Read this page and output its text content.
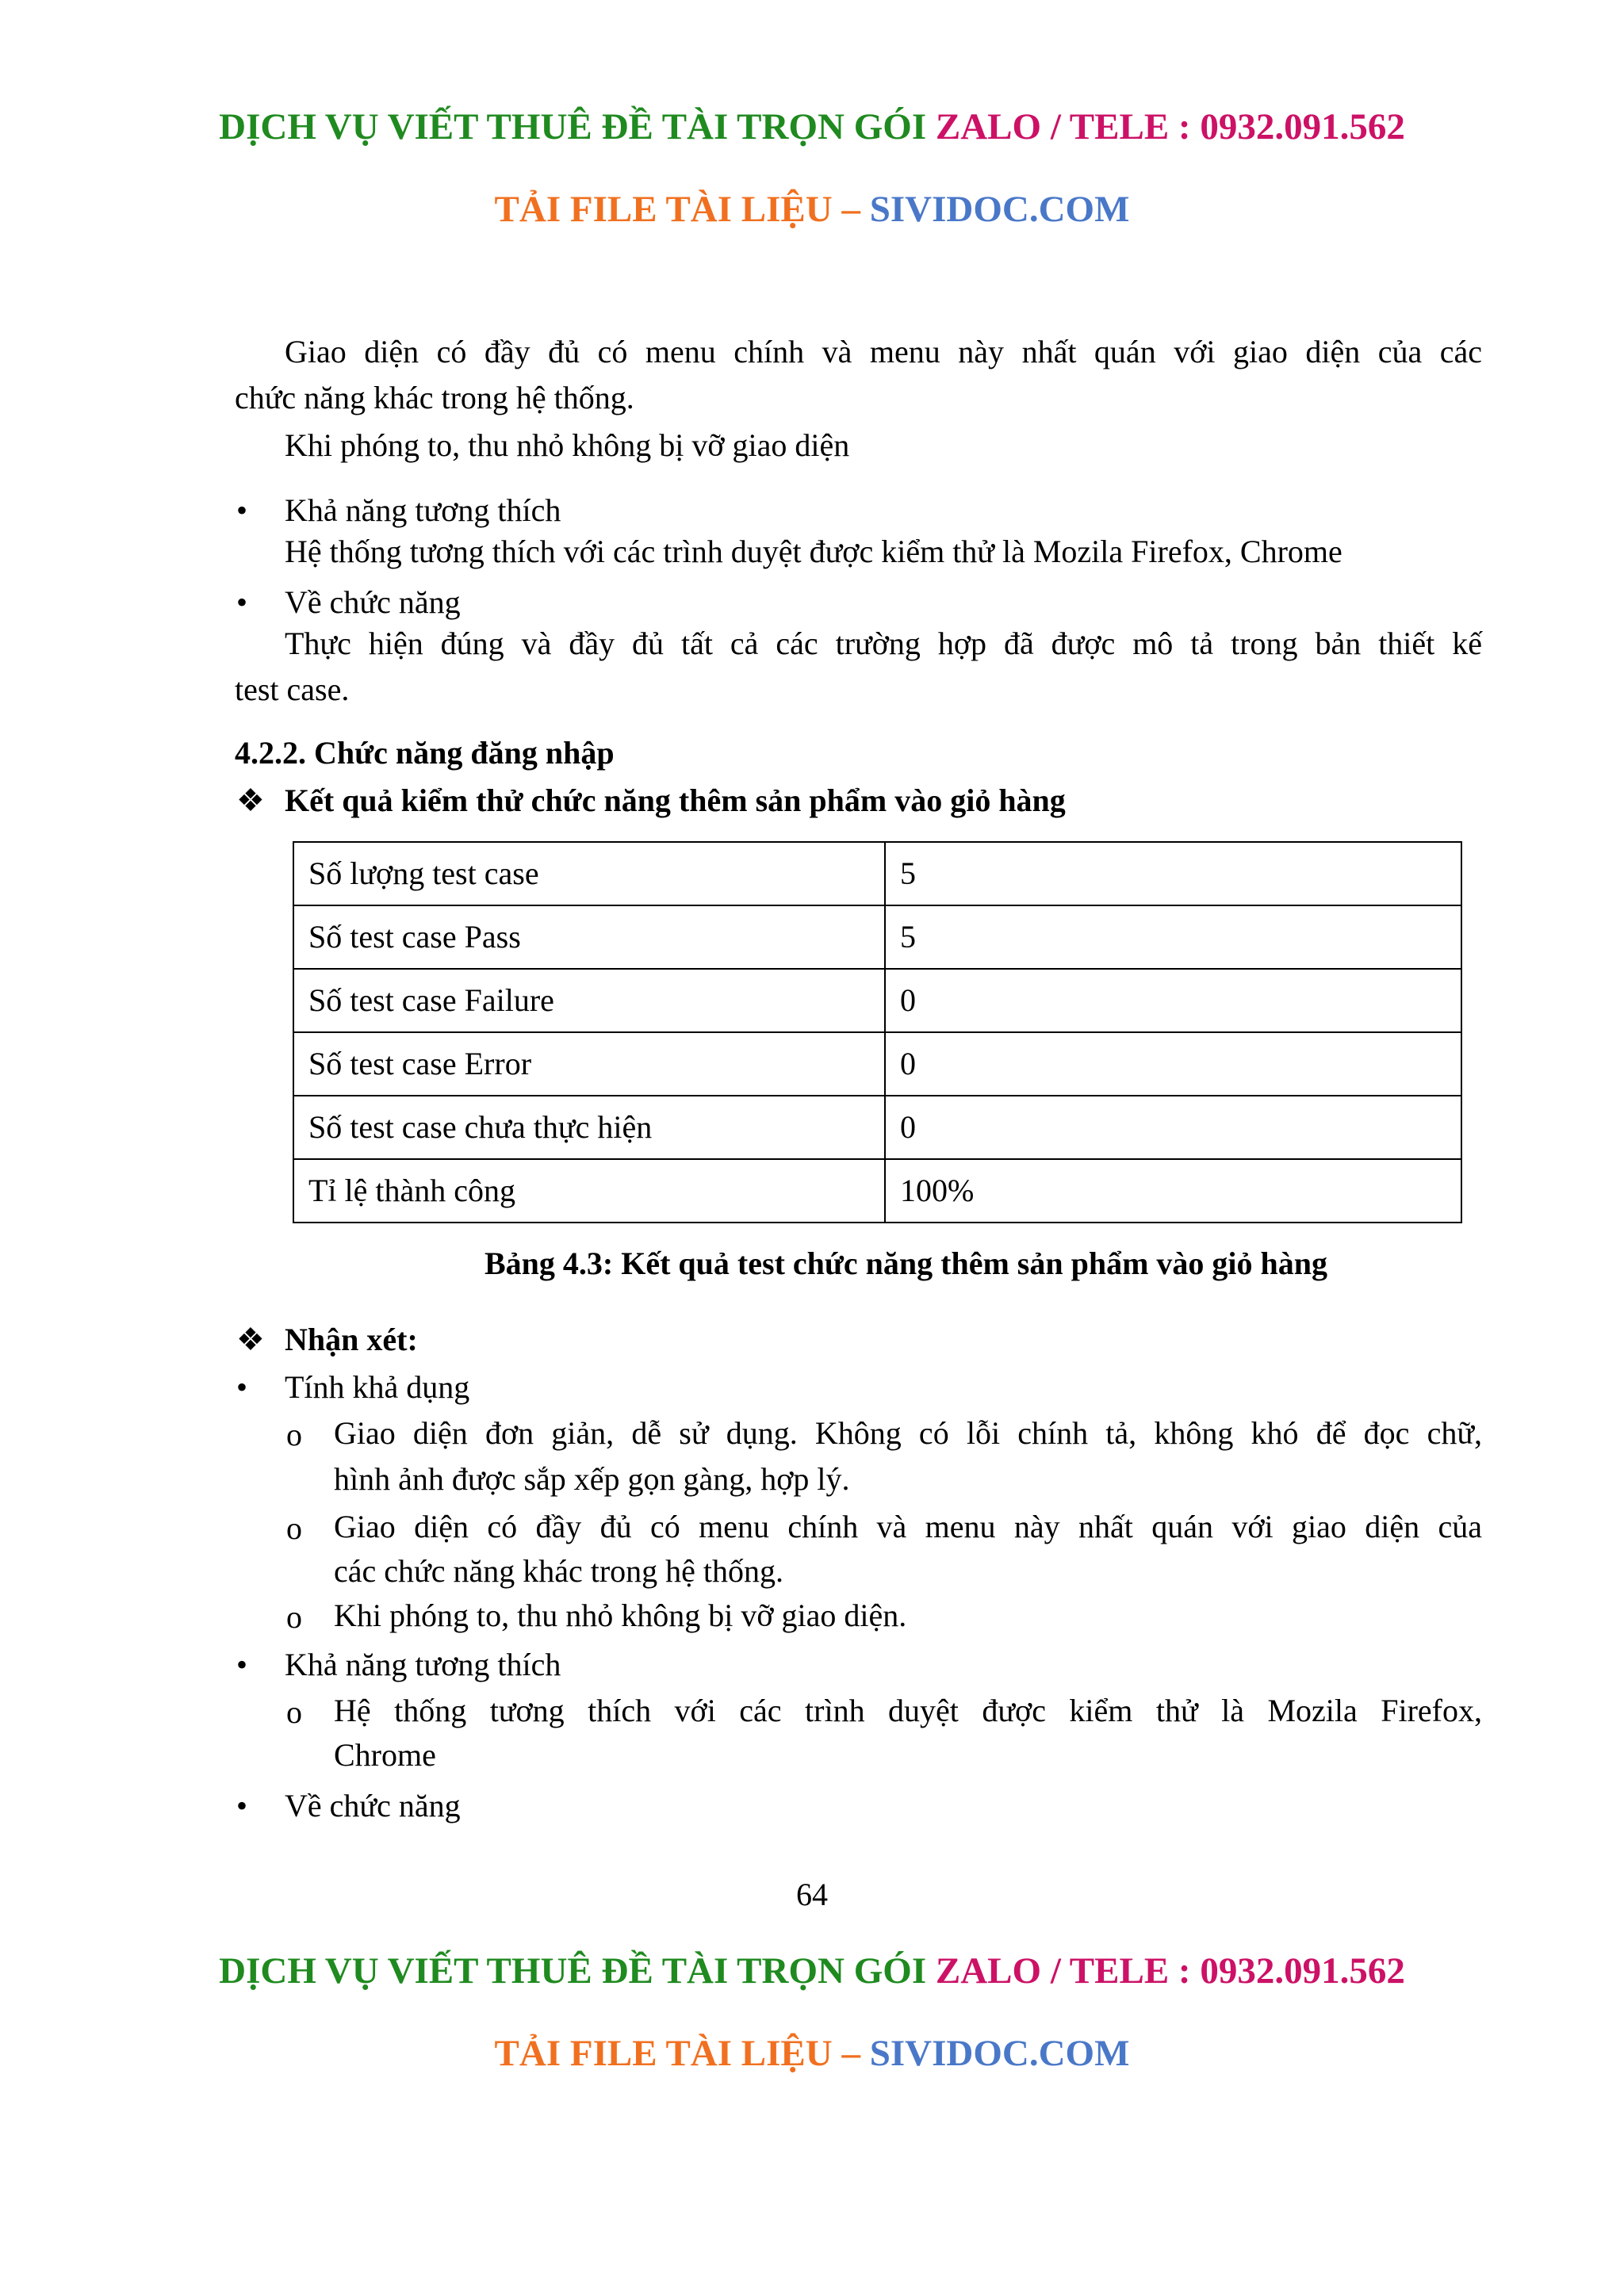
DỊCH VỤ VIẾT THUÊ ĐỀ TÀI TRỌN GÓI ZALO / TELE : 0932.091.562
TẢI FILE TÀI LIỆU – SIVIDOC.COM
Giao diện có đầy đủ có menu chính và menu này nhất quán với giao diện của các
chức năng khác trong hệ thống.
Khi phóng to, thu nhỏ không bị vỡ giao diện
• Khả năng tương thích
Hệ thống tương thích với các trình duyệt được kiểm thử là Mozila Firefox, Chrome
• Về chức năng
Thực hiện đúng và đầy đủ tất cả các trường hợp đã được mô tả trong bản thiết kế
test case.
4.2.2. Chức năng đăng nhập
❖ Kết quả kiểm thử chức năng thêm sản phẩm vào giỏ hàng
Số lượng test case	5
Số test case Pass	5
Số test case Failure	0
Số test case Error	0
Số test case chưa thực hiện	0
Tỉ lệ thành công	100%
Bảng 4.3: Kết quả test chức năng thêm sản phẩm vào giỏ hàng
❖ Nhận xét:
• Tính khả dụng
o Giao diện đơn giản, dễ sử dụng. Không có lỗi chính tả, không khó để đọc chữ,
hình ảnh được sắp xếp gọn gàng, hợp lý.
o Giao diện có đầy đủ có menu chính và menu này nhất quán với giao diện của
các chức năng khác trong hệ thống.
o Khi phóng to, thu nhỏ không bị vỡ giao diện.
• Khả năng tương thích
o Hệ thống tương thích với các trình duyệt được kiểm thử là Mozila Firefox,
Chrome
• Về chức năng
64
DỊCH VỤ VIẾT THUÊ ĐỀ TÀI TRỌN GÓI ZALO / TELE : 0932.091.562
TẢI FILE TÀI LIỆU – SIVIDOC.COM
